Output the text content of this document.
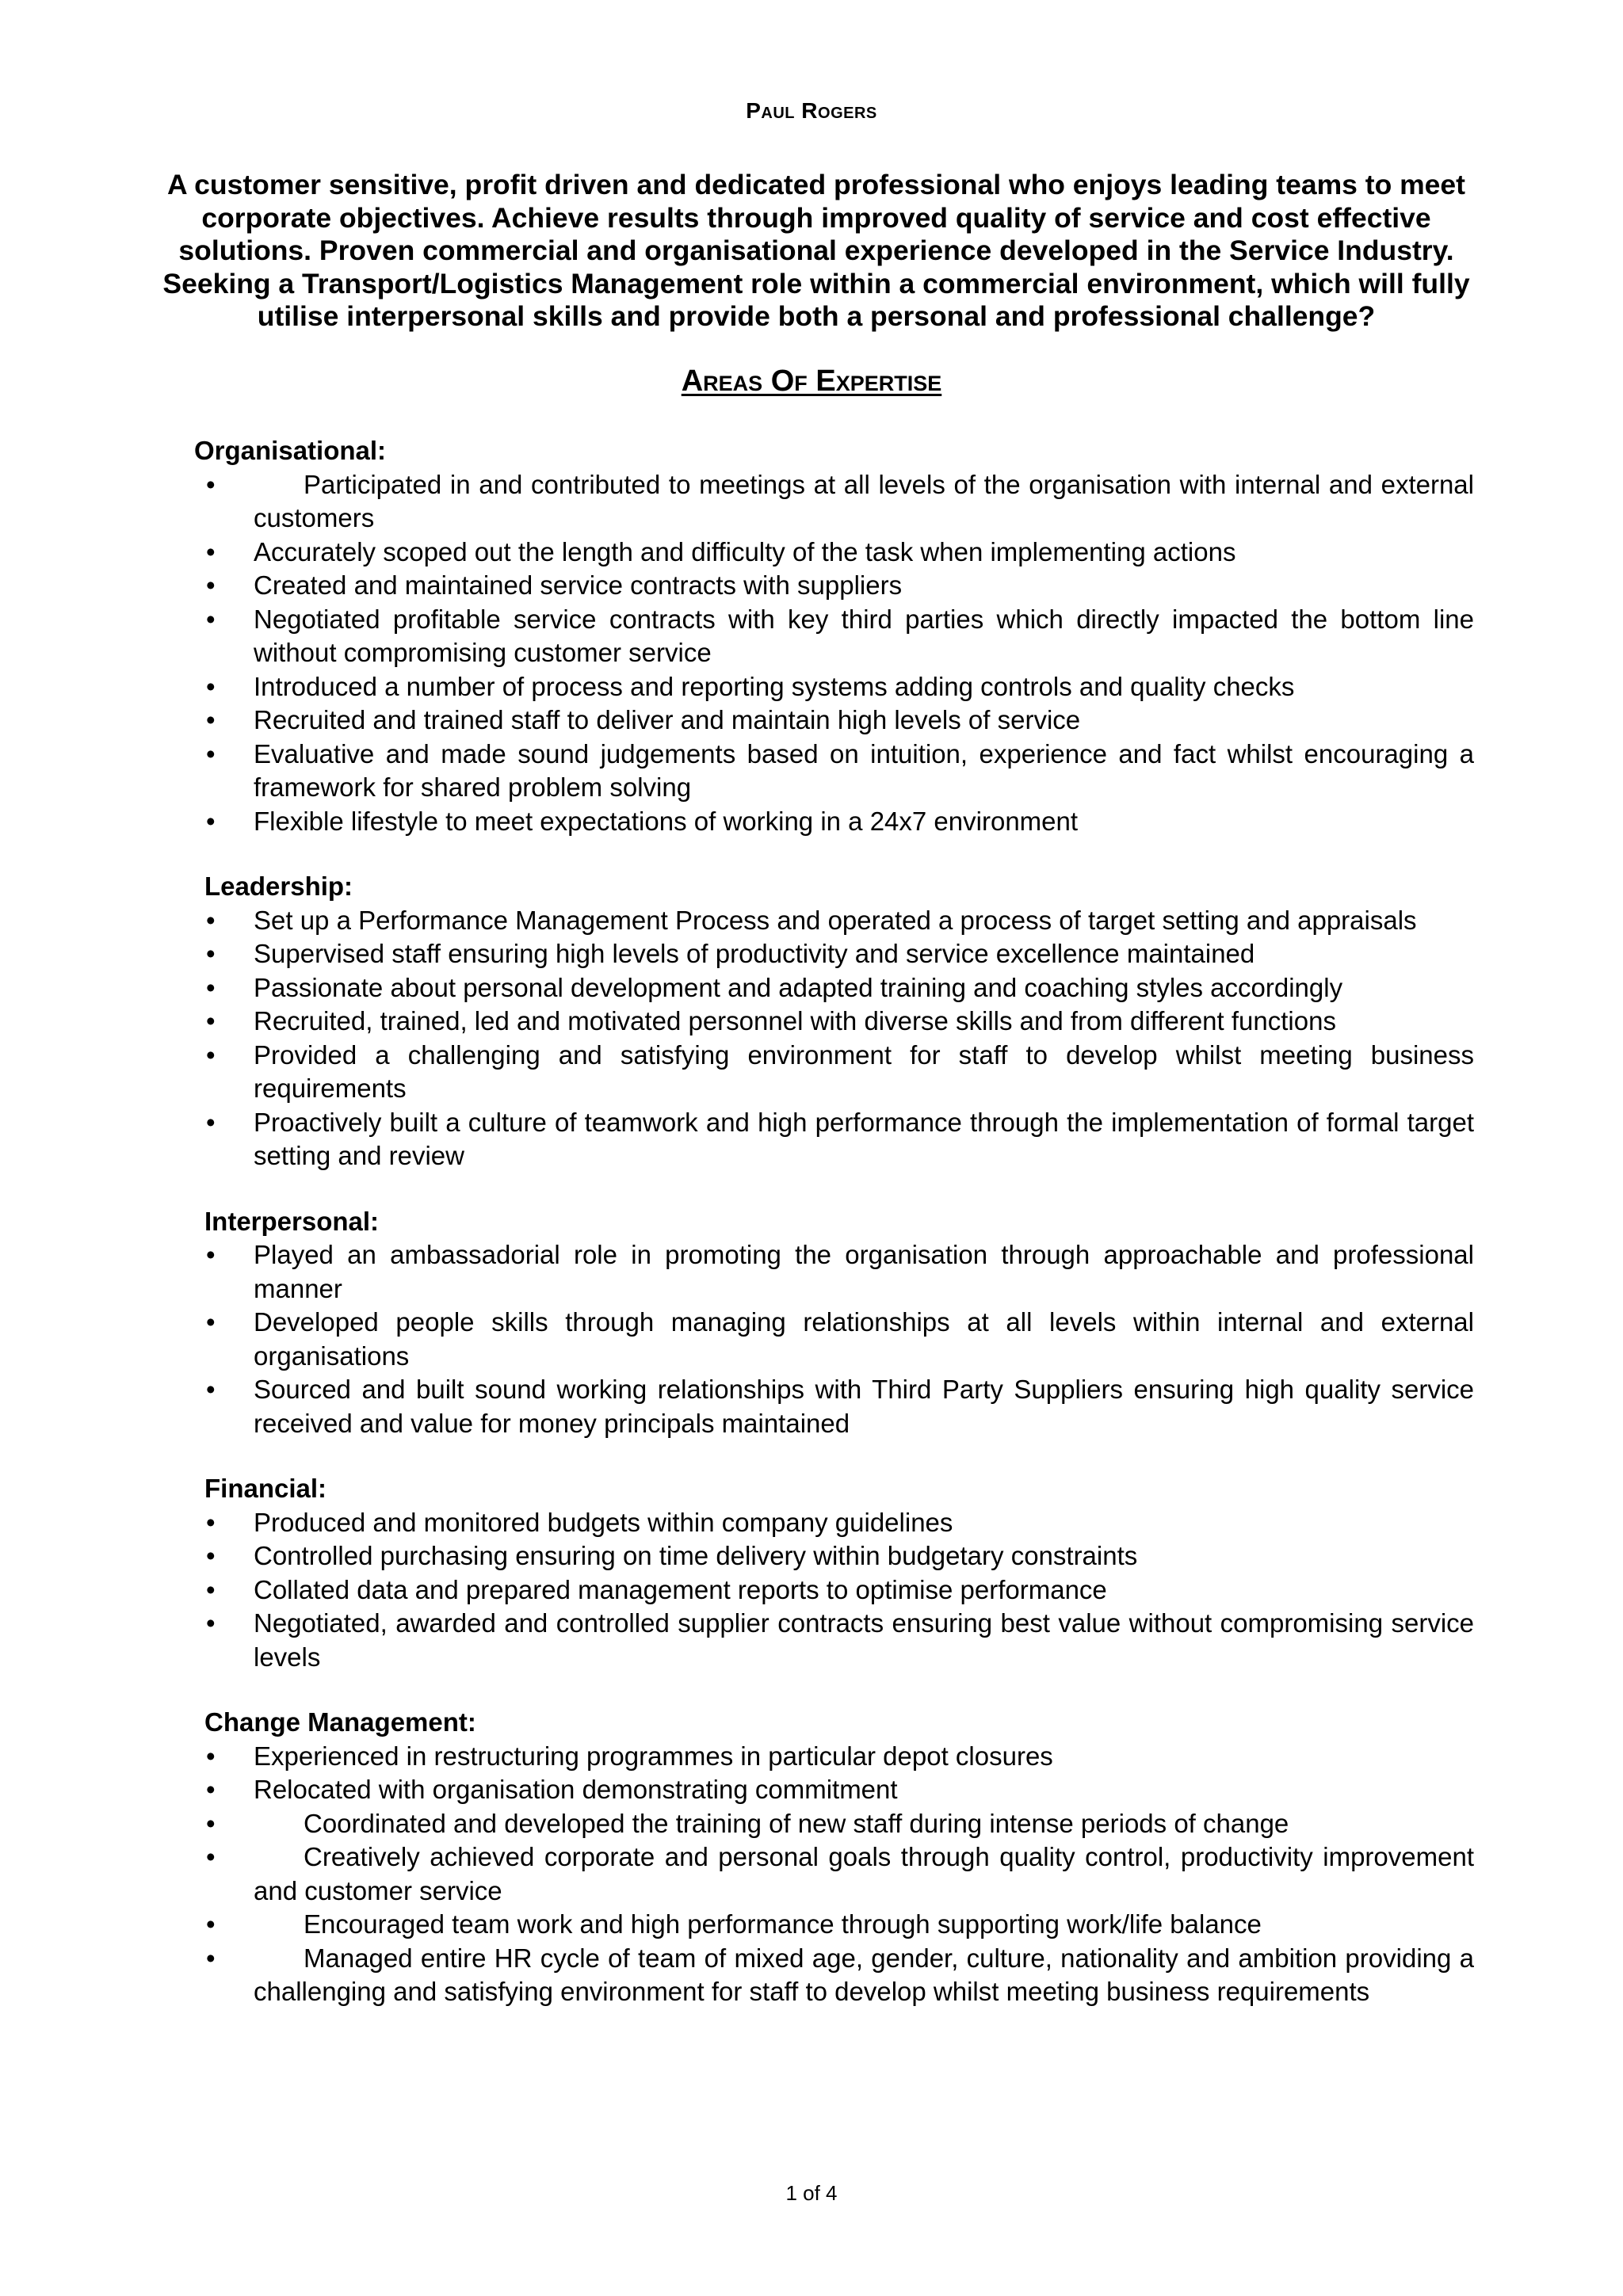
Paul Rogers
A customer sensitive, profit driven and dedicated professional who enjoys leading teams to meet corporate objectives. Achieve results through improved quality of service and cost effective solutions. Proven commercial and organisational experience developed in the Service Industry. Seeking a Transport/Logistics Management role within a commercial environment, which will fully utilise interpersonal skills and provide both a personal and professional challenge?
Areas Of Expertise
Organisational:
•	Participated in and contributed to meetings at all levels of the organisation with internal and external customers
• Accurately scoped out the length and difficulty of the task when implementing actions
• Created and maintained service contracts with suppliers
• Negotiated profitable service contracts with key third parties which directly impacted the bottom line without compromising customer service
• Introduced a number of process and reporting systems adding controls and quality checks
• Recruited and trained staff to deliver and maintain high levels of service
• Evaluative and made sound judgements based on intuition, experience and fact whilst encouraging a framework for shared problem solving
• Flexible lifestyle to meet expectations of working in a 24x7 environment
Leadership:
• Set up a Performance Management Process and operated a process of target setting and appraisals
• Supervised staff ensuring high levels of productivity and service excellence maintained
• Passionate about personal development and adapted training and coaching styles accordingly
• Recruited, trained, led and motivated personnel with diverse skills and from different functions
• Provided a challenging and satisfying environment for staff to develop whilst meeting business requirements
• Proactively built a culture of teamwork and high performance through the implementation of formal target setting and review
Interpersonal:
• Played an ambassadorial role in promoting the organisation through approachable and professional manner
• Developed people skills through managing relationships at all levels within internal and external organisations
• Sourced and built sound working relationships with Third Party Suppliers ensuring high quality service received and value for money principals maintained
Financial:
• Produced and monitored budgets within company guidelines
• Controlled purchasing ensuring on time delivery within budgetary constraints
• Collated data and prepared management reports to optimise performance
• Negotiated, awarded and controlled supplier contracts ensuring best value without compromising service levels
Change Management:
• Experienced in restructuring programmes in particular depot closures
• Relocated with organisation demonstrating commitment
•	Coordinated and developed the training of new staff during intense periods of change
•	Creatively achieved corporate and personal goals through quality control, productivity improvement and customer service
•	Encouraged team work and high performance through supporting work/life balance
•	Managed entire HR cycle of team of mixed age, gender, culture, nationality and ambition providing a challenging and satisfying environment for staff to develop whilst meeting business requirements
1 of 4
